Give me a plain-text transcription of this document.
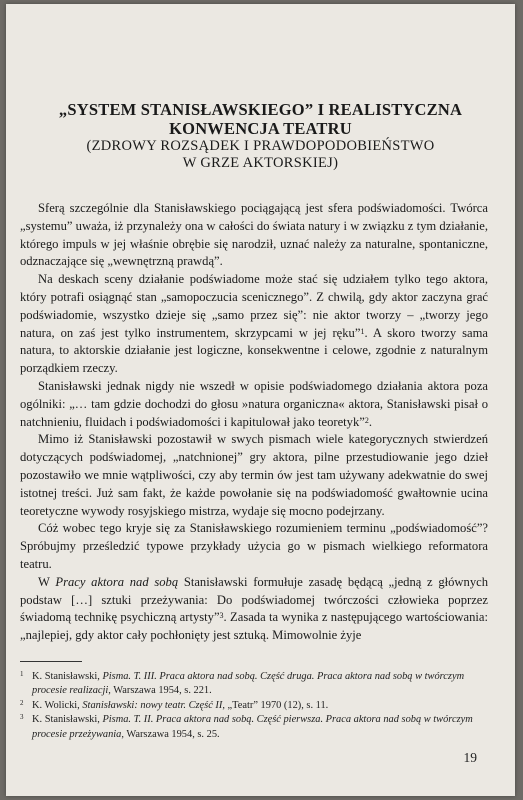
„SYSTEM STANISŁAWSKIEGO” I REALISTYCZNA
KONWENCJA TEATRU
(ZDROWY ROZSĄDEK I PRAWDOPODOBIEŃSTWO
W GRZE AKTORSKIEJ)

Sferą szczególnie dla Stanisławskiego pociągającą jest sfera podświadomości. Twórca „systemu” uważa, iż przynależy ona w całości do świata natury i w związku z tym działanie, którego impuls w jej właśnie obrębie się narodził, uznać należy za naturalne, spontaniczne, odznaczające się „wewnętrzną prawdą”.

Na deskach sceny działanie podświadome może stać się udziałem tylko tego aktora, który potrafi osiągnąć stan „samopoczucia scenicznego”. Z chwilą, gdy aktor zaczyna grać podświadomie, wszystko dzieje się „samo przez się”: nie aktor tworzy – „tworzy jego natura, on zaś jest tylko instrumentem, skrzypcami w jej ręku”$^1$. A skoro tworzy sama natura, to aktorskie działanie jest logiczne, konsekwentne i celowe, zgodnie z naturalnym porządkiem rzeczy.

Stanisławski jednak nigdy nie wszedł w opisie podświadomego działania aktora poza ogólniki: „… tam gdzie dochodzi do głosu »natura organiczna« aktora, Stanisławski pisał o natchnieniu, fluidach i podświadomości i kapitulował jako teoretyk”$^2$.

Mimo iż Stanisławski pozostawił w swych pismach wiele kategorycznych stwierdzeń dotyczących podświadomej, „natchnionej” gry aktora, pilne przestudiowanie jego dzieł pozostawiło we mnie wątpliwości, czy aby termin ów jest tam używany adekwatnie do swej istotnej treści. Już sam fakt, że każde powołanie się na podświadomość gwałtownie ucina teoretyczne wywody rosyjskiego mistrza, wydaje się mocno podejrzany.

Cóż wobec tego kryje się za Stanisławskiego rozumieniem terminu „podświadomość”? Spróbujmy prześledzić typowe przykłady użycia go w pismach wielkiego reformatora teatru.

W Pracy aktora nad sobą Stanisławski formułuje zasadę będącą „jedną z głównych podstaw […] sztuki przeżywania: Do podświadomej twórczości człowieka poprzez świadomą technikę psychiczną artysty”$^3$. Zasada ta wynika z następującego wartościowania: „najlepiej, gdy aktor cały pochłonięty jest sztuką. Mimowolnie żyje

1 K. Stanisławski, Pisma. T. III. Praca aktora nad sobą. Część druga. Praca aktora nad sobą w twórczym procesie realizacji, Warszawa 1954, s. 221.
2 K. Wolicki, Stanisławski: nowy teatr. Część II, „Teatr” 1970 (12), s. 11.
3 K. Stanisławski, Pisma. T. II. Praca aktora nad sobą. Część pierwsza. Praca aktora nad sobą w twórczym procesie przeżywania, Warszawa 1954, s. 25.
19
